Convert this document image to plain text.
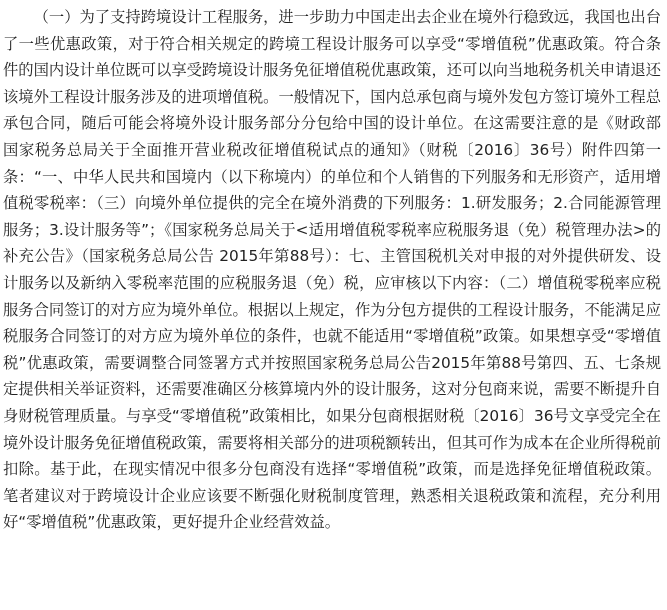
（一）为了支持跨境设计工程服务，进一步助力中国走出去企业在境外行稳致远，我国也出台了一些优惠政策，对于符合相关规定的跨境工程设计服务可以享受“零增值税”优惠政策。符合条件的国内设计单位既可以享受跨境设计服务免征增值税优惠政策，还可以向当地税务机关申请退还该境外工程设计服务涉及的进项增值税。一般情况下，国内总承包商与境外发包方签订境外工程总承包合同，随后可能会将境外设计服务部分分包给中国的设计单位。在这需要注意的是《财政部 国家税务总局关于全面推开营业税改征增值税试点的通知》（财税〔2016〕36号）附件四第一条：“一、中华人民共和国境内（以下称境内）的单位和个人销售的下列服务和无形资产，适用增值税零税率：（三）向境外单位提供的完全在境外消费的下列服务：1.研发服务；2.合同能源管理服务；3.设计服务等”；《国家税务总局关于<适用增值税零税率应税服务退（免）税管理办法>的补充公告》（国家税务总局公告 2015年第88号）：七、主管国税机关对申报的对外提供研发、设计服务以及新纳入零税率范围的应税服务退（免）税，应审核以下内容：（二）增值税零税率应税服务合同签订的对方应为境外单位。根据以上规定，作为分包方提供的工程设计服务，不能满足应税服务合同签订的对方应为境外单位的条件，也就不能适用“零增值税”政策。如果想享受“零增值税”优惠政策，需要调整合同签署方式并按照国家税务总局公告2015年第88号第四、五、七条规定提供相关举证资料，还需要准确区分核算境内外的设计服务，这对分包商来说，需要不断提升自身财税管理质量。与享受“零增值税”政策相比，如果分包商根据财税〔2016〕36号文享受完全在境外设计服务免征增值税政策，需要将相关部分的进项税额转出，但其可作为成本在企业所得税前扣除。基于此，在现实情况中很多分包商没有选择“零增值税”政策，而是选择免征增值税政策。笔者建议对于跨境设计企业应该要不断强化财税制度管理，熟悉相关退税政策和流程，充分利用好“零增值税”优惠政策，更好提升企业经营效益。
